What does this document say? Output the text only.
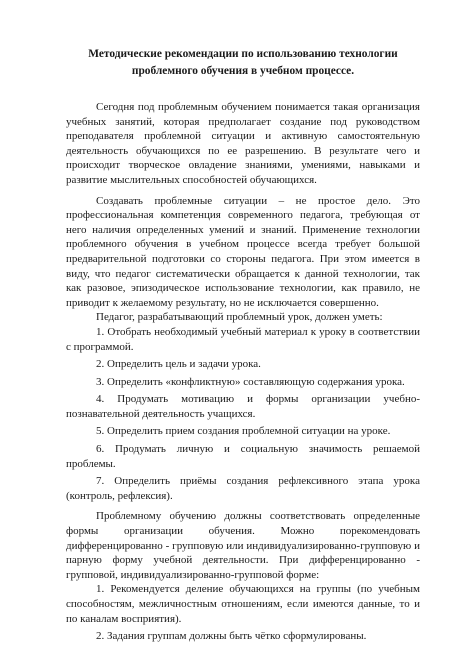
Методические рекомендации по использованию технологии
проблемного обучения в учебном процессе.

Сегодня под проблемным обучением понимается такая организация учебных занятий, которая предполагает создание под руководством преподавателя проблемной ситуации и активную самостоятельную деятельность обучающихся по ее разрешению. В результате чего и происходит творческое овладение знаниями, умениями, навыками и развитие мыслительных способностей обучающихся.

Создавать проблемные ситуации – не простое дело. Это профессиональная компетенция современного педагога, требующая от него наличия определенных умений и знаний. Применение технологии проблемного обучения в учебном процессе всегда требует большой предварительной подготовки со стороны педагога. При этом имеется в виду, что педагог систематически обращается к данной технологии, так как разовое, эпизодическое использование технологии, как правило, не приводит к желаемому результату, но не исключается совершенно.

Педагог, разрабатывающий проблемный урок, должен уметь:

1. Отобрать необходимый учебный материал к уроку в соответствии с программой.

2. Определить цель и задачи урока.

3. Определить «конфликтную» составляющую содержания урока.

4. Продумать мотивацию и формы организации учебно-познавательной деятельность учащихся.

5. Определить прием создания проблемной ситуации на уроке.

6. Продумать личную и социальную значимость решаемой проблемы.

7. Определить приёмы создания рефлексивного этапа урока (контроль, рефлексия).

Проблемному обучению должны соответствовать определенные формы организации обучения. Можно порекомендовать дифференцированно - групповую или индивидуализированно-групповую и парную форму учебной деятельности. При дифференцированно - групповой, индивидуализированно-групповой форме:

1. Рекомендуется деление обучающихся на группы (по учебным способностям, межличностным отношениям, если имеются данные, то и по каналам восприятия).

2. Задания группам должны быть чётко сформулированы.
